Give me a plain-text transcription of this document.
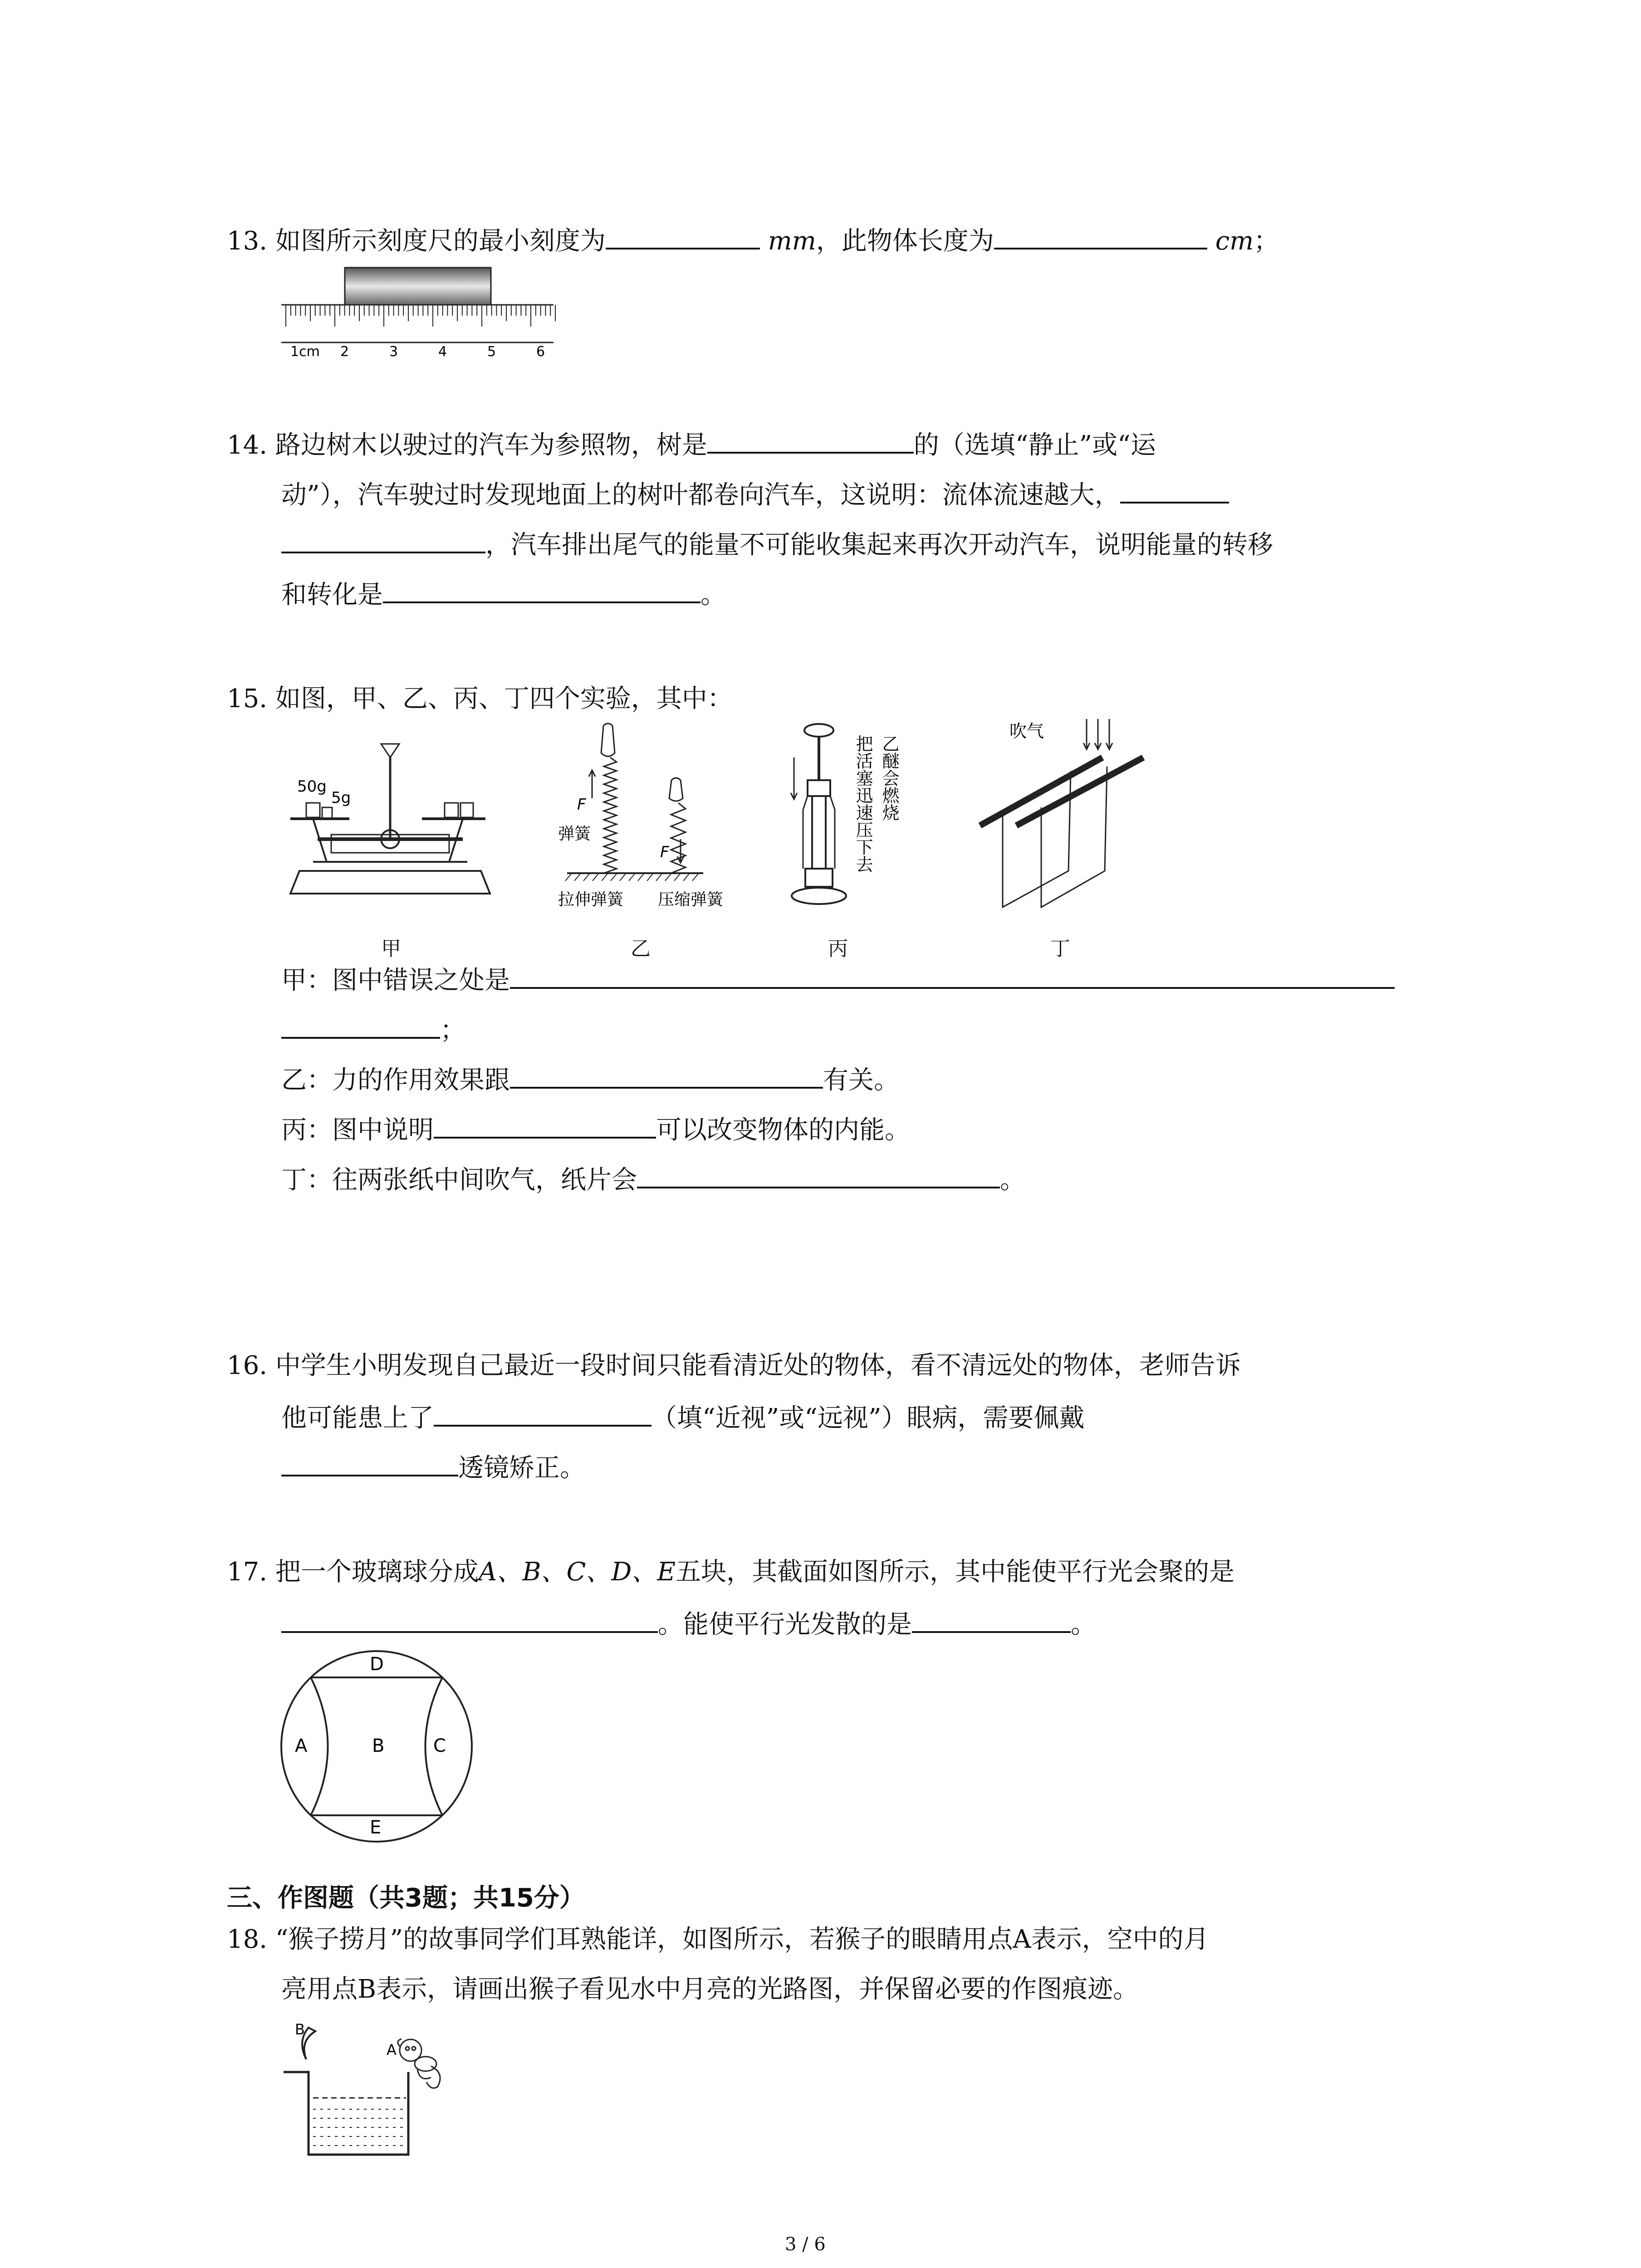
13. 如图所示刻度尺的最小刻度为	mm，此物体长度为	cm；
1cm 2	3	4	5	6
14. 路边树木以驶过的汽车为参照物，树是	的（选填“静止”或“运
动”），汽车驶过时发现地面上的树叶都卷向汽车，这说明：流体流速越大，
，汽车排出尾气的能量不可能收集起来再次开动汽车，说明能量的转移
和转化是	。
15. 如图，甲、乙、丙、丁四个实验，其中：
50g
5g	F
F
弹簧
拉伸弹簧 压缩弹簧
把活塞迅速压下去 乙醚会燃烧
吹气
甲	乙	丙	丁
甲：图中错误之处是
；
乙：力的作用效果跟	有关。
丙：图中说明	可以改变物体的内能。
丁：往两张纸中间吹气，纸片会	。
16. 中学生小明发现自己最近一段时间只能看清近处的物体，看不清远处的物体，老师告诉
他可能患上了	（填“近视”或“远视”）眼病，需要佩戴
透镜矫正。
17. 把一个玻璃球分成A、B、C、D、E五块，其截面如图所示，其中能使平行光会聚的是
。能使平行光发散的是	。
A	B	C
D
E
三、作图题（共3题；共15分）
18. “猴子捞月”的故事同学们耳熟能详，如图所示，若猴子的眼睛用点A表示，空中的月
亮用点B表示，请画出猴子看见水中月亮的光路图，并保留必要的作图痕迹。
B
A
3 / 6
